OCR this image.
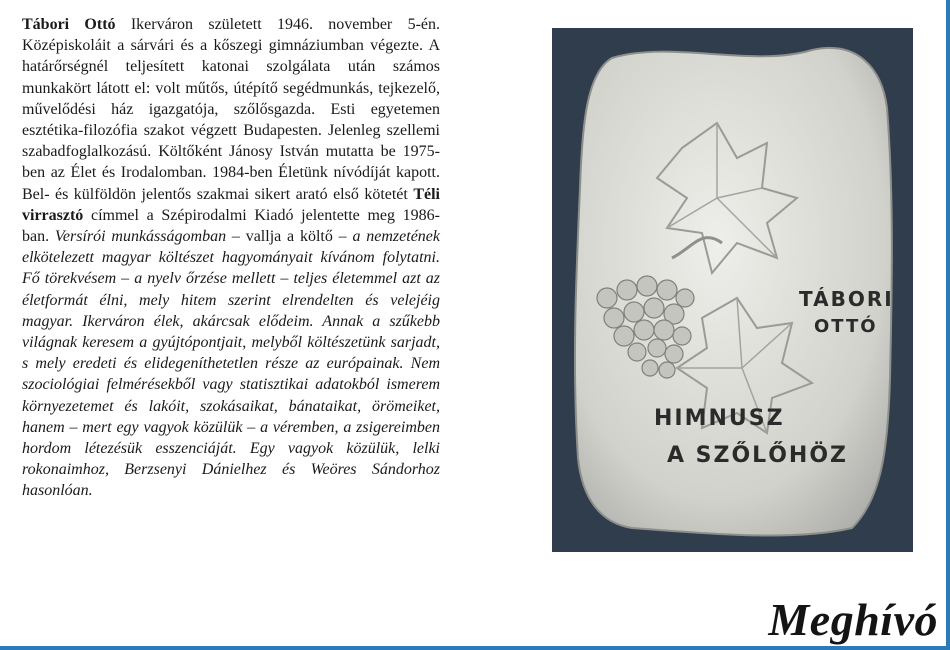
Tábori Ottó Ikerváron született 1946. november 5-én. Középiskoláit a sárvári és a kőszegi gimnáziumban végezte. A határőrségnél teljesített katonai szolgálata után számos munkakört látott el: volt műtős, útépítő segédmunkás, tejkezelő, művelődési ház igazgatója, szőlősgazda. Esti egyetemen esztétika-filozófia szakot végzett Budapesten. Jelenleg szellemi szabadfoglalkozású. Költőként Jánosy István mutatta be 1975-ben az Élet és Irodalomban. 1984-ben Életünk nívódíját kapott. Bel- és külföldön jelentős szakmai sikert arató első kötetét Téli virrasztó címmel a Szépirodalmi Kiadó jelentette meg 1986-ban. Versírói munkásságomban – vallja a költő – a nemzetének elkötelezett magyar költészet hagyományait kívánom folytatni. Fő törekvésem – a nyelv őrzése mellett – teljes életemmel azt az életformát élni, mely hitem szerint elrendelten és velejéig magyar. Ikerváron élek, akárcsak elődeim. Annak a szűkebb világnak keresem a gyújtópontjait, melyből költészetünk sarjadt, s mely eredeti és elidegeníthetetlen része az európainak. Nem szociológiai felmérésekből vagy statisztikai adatokból ismerem környezetemet és lakóit, szokásaikat, bánataikat, örömeiket, hanem – mert egy vagyok közülük – a véremben, a zsigereimben hordom létezésük esszenciáját. Egy vagyok közülük, lelki rokonaimhoz, Berzsenyi Dánielhez és Weöres Sándorhoz hasonlóan.
TÁBORI
OTTÓ
HIMNUSZ
A SZŐLŐHÖZ
Meghívó
